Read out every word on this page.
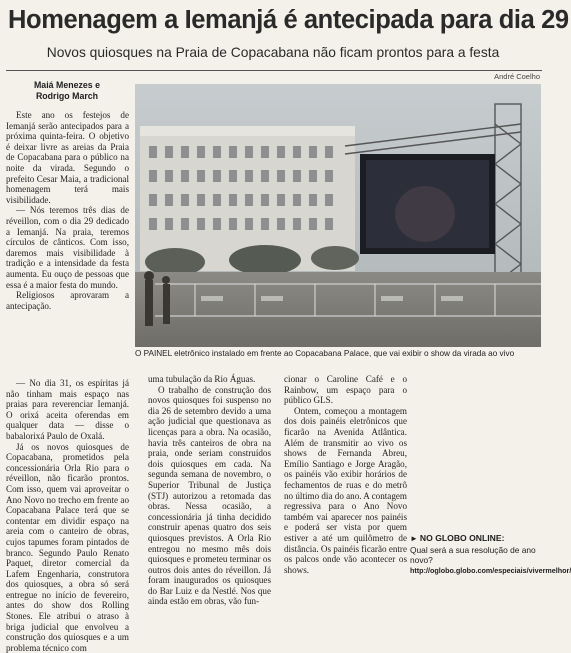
Homenagem a Iemanjá é antecipada para dia 29
Novos quiosques na Praia de Copacabana não ficam prontos para a festa
André Coelho
Maiá Menezes e
Rodrigo March

Este ano os festejos de Iemanjá serão antecipados para a próxima quinta-feira. O objetivo é deixar livre as areias da Praia de Copacabana para o público na noite da virada. Segundo o prefeito Cesar Maia, a tradicional homenagem terá mais visibilidade.

— Nós teremos três dias de réveillon, com o dia 29 dedicado a Iemanjá. Na praia, teremos círculos de cânticos. Com isso, daremos mais visibilidade à tradição e a intensidade da festa aumenta. Eu ouço de pessoas que essa é a maior festa do mundo.

Religiosos aprovaram a antecipação.

— No dia 31, os espíritas já não tinham mais espaço nas praias para reverenciar Iemanjá. O orixá aceita oferendas em qualquer data — disse o babalorixá Paulo de Oxalá.

Já os novos quiosques de Copacabana, prometidos pela concessionária Orla Rio para o réveillon, não ficarão prontos. Com isso, quem vai aproveitar o Ano Novo no trecho em frente ao Copacabana Palace terá que se contentar em dividir espaço na areia com o canteiro de obras, cujos tapumes foram pintados de branco. Segundo Paulo Renato Paquet, diretor comercial da Lafem Engenharia, construtora dos quiosques, a obra só será entregue no início de fevereiro, antes do show dos Rolling Stones. Ele atribui o atraso à briga judicial que envolveu a construção dos quiosques e a um problema técnico com

O PAINEL eletrônico instalado em frente ao Copacabana Palace, que vai exibir o show da virada ao vivo

uma tubulação da Rio Águas.

O trabalho de construção dos novos quiosques foi suspenso no dia 26 de setembro devido a uma ação judicial que questionava as licenças para a obra. Na ocasião, havia três canteiros de obra na praia, onde seriam construídos dois quiosques em cada. Na segunda semana de novembro, o Superior Tribunal de Justiça (STJ) autorizou a retomada das obras. Nessa ocasião, a concessionária já tinha decidido construir apenas quatro dos seis quiosques previstos. A Orla Rio entregou no mesmo mês dois quiosques e prometeu terminar os outros dois antes do réveillon. Já foram inaugurados os quiosques do Bar Luiz e da Nestlé. Nos que ainda estão em obras, vão fun-

cionar o Caroline Café e o Rainbow, um espaço para o público GLS.

Ontem, começou a montagem dos dois painéis eletrônicos que ficarão na Avenida Atlântica. Além de transmitir ao vivo os shows de Fernanda Abreu, Emílio Santiago e Jorge Aragão, os painéis vão exibir horários de fechamentos de ruas e do metrô no último dia do ano. A contagem regressiva para o Ano Novo também vai aparecer nos painéis e poderá ser vista por quem estiver a até um quilômetro de distância. Os painéis ficarão entre os palcos onde vão acontecer os shows.

► NO GLOBO ONLINE:
Qual será a sua resolução de ano novo?
http://oglobo.globo.com/especiais/vivermelhor/
